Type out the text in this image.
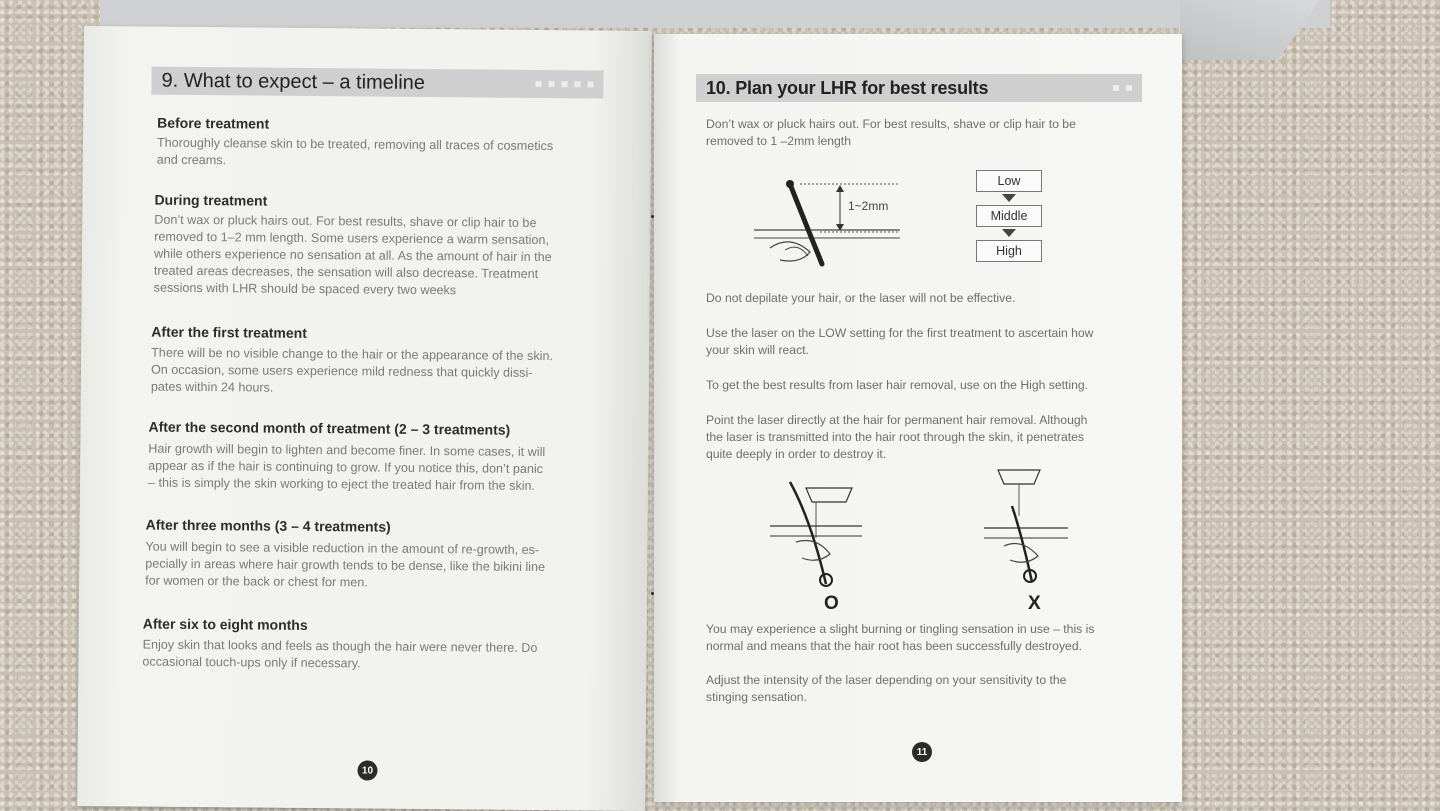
9. What to expect – a timeline
Before treatment
Thoroughly cleanse skin to be treated, removing all traces of cosmetics
and creams.
During treatment
Don’t wax or pluck hairs out. For best results, shave or clip hair to be
removed to 1–2 mm length. Some users experience a warm sensation,
while others experience no sensation at all. As the amount of hair in the
treated areas decreases, the sensation will also decrease. Treatment
sessions with LHR should be spaced every two weeks
After the first treatment
There will be no visible change to the hair or the appearance of the skin.
On occasion, some users experience mild redness that quickly dissi-
pates within 24 hours.
After the second month of treatment (2 – 3 treatments)
Hair growth will begin to lighten and become finer. In some cases, it will
appear as if the hair is continuing to grow. If you notice this, don’t panic
– this is simply the skin working to eject the treated hair from the skin.
After three months (3 – 4 treatments)
You will begin to see a visible reduction in the amount of re-growth, es-
pecially in areas where hair growth tends to be dense, like the bikini line
for women or the back or chest for men.
After six to eight months
Enjoy skin that looks and feels as though the hair were never there. Do
occasional touch-ups only if necessary.
10
10. Plan your LHR for best results
Don’t wax or pluck hairs out. For best results, shave or clip hair to be
removed to 1 –2mm length
1~2mm
Low
Middle
High
Do not depilate your hair, or the laser will not be effective.
Use the laser on the LOW setting for the first treatment to ascertain how
your skin will react.
To get the best results from laser hair removal, use on the High setting.
Point the laser directly at the hair for permanent hair removal. Although
the laser is transmitted into the hair root through the skin, it penetrates
quite deeply in order to destroy it.
O	X
You may experience a slight burning or tingling sensation in use – this is
normal and means that the hair root has been successfully destroyed.
Adjust the intensity of the laser depending on your sensitivity to the
stinging sensation.
11
